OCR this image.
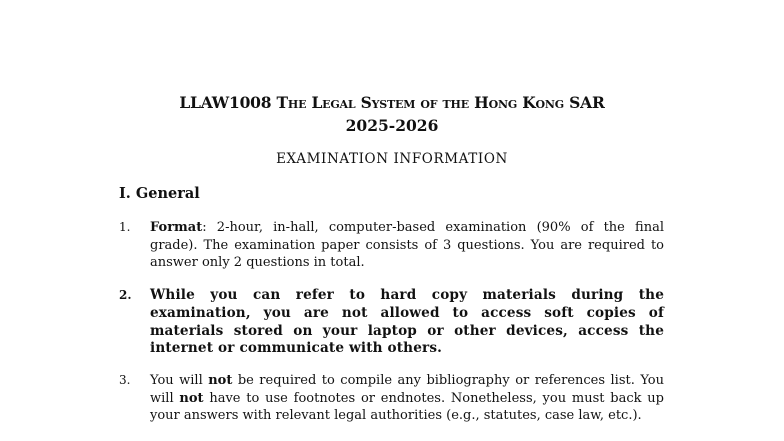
LLAW1008 The Legal System of the Hong Kong SAR
2025-2026
EXAMINATION INFORMATION
I. General
1.	Format: 2-hour, in-hall, computer-based examination (90% of the final grade). The examination paper consists of 3 questions. You are required to answer only 2 questions in total.
2.	While you can refer to hard copy materials during the examination, you are not allowed to access soft copies of materials stored on your laptop or other devices, access the internet or communicate with others.
3.	You will not be required to compile any bibliography or references list. You will not have to use footnotes or endnotes. Nonetheless, you must back up your answers with relevant legal authorities (e.g., statutes, case law, etc.).
